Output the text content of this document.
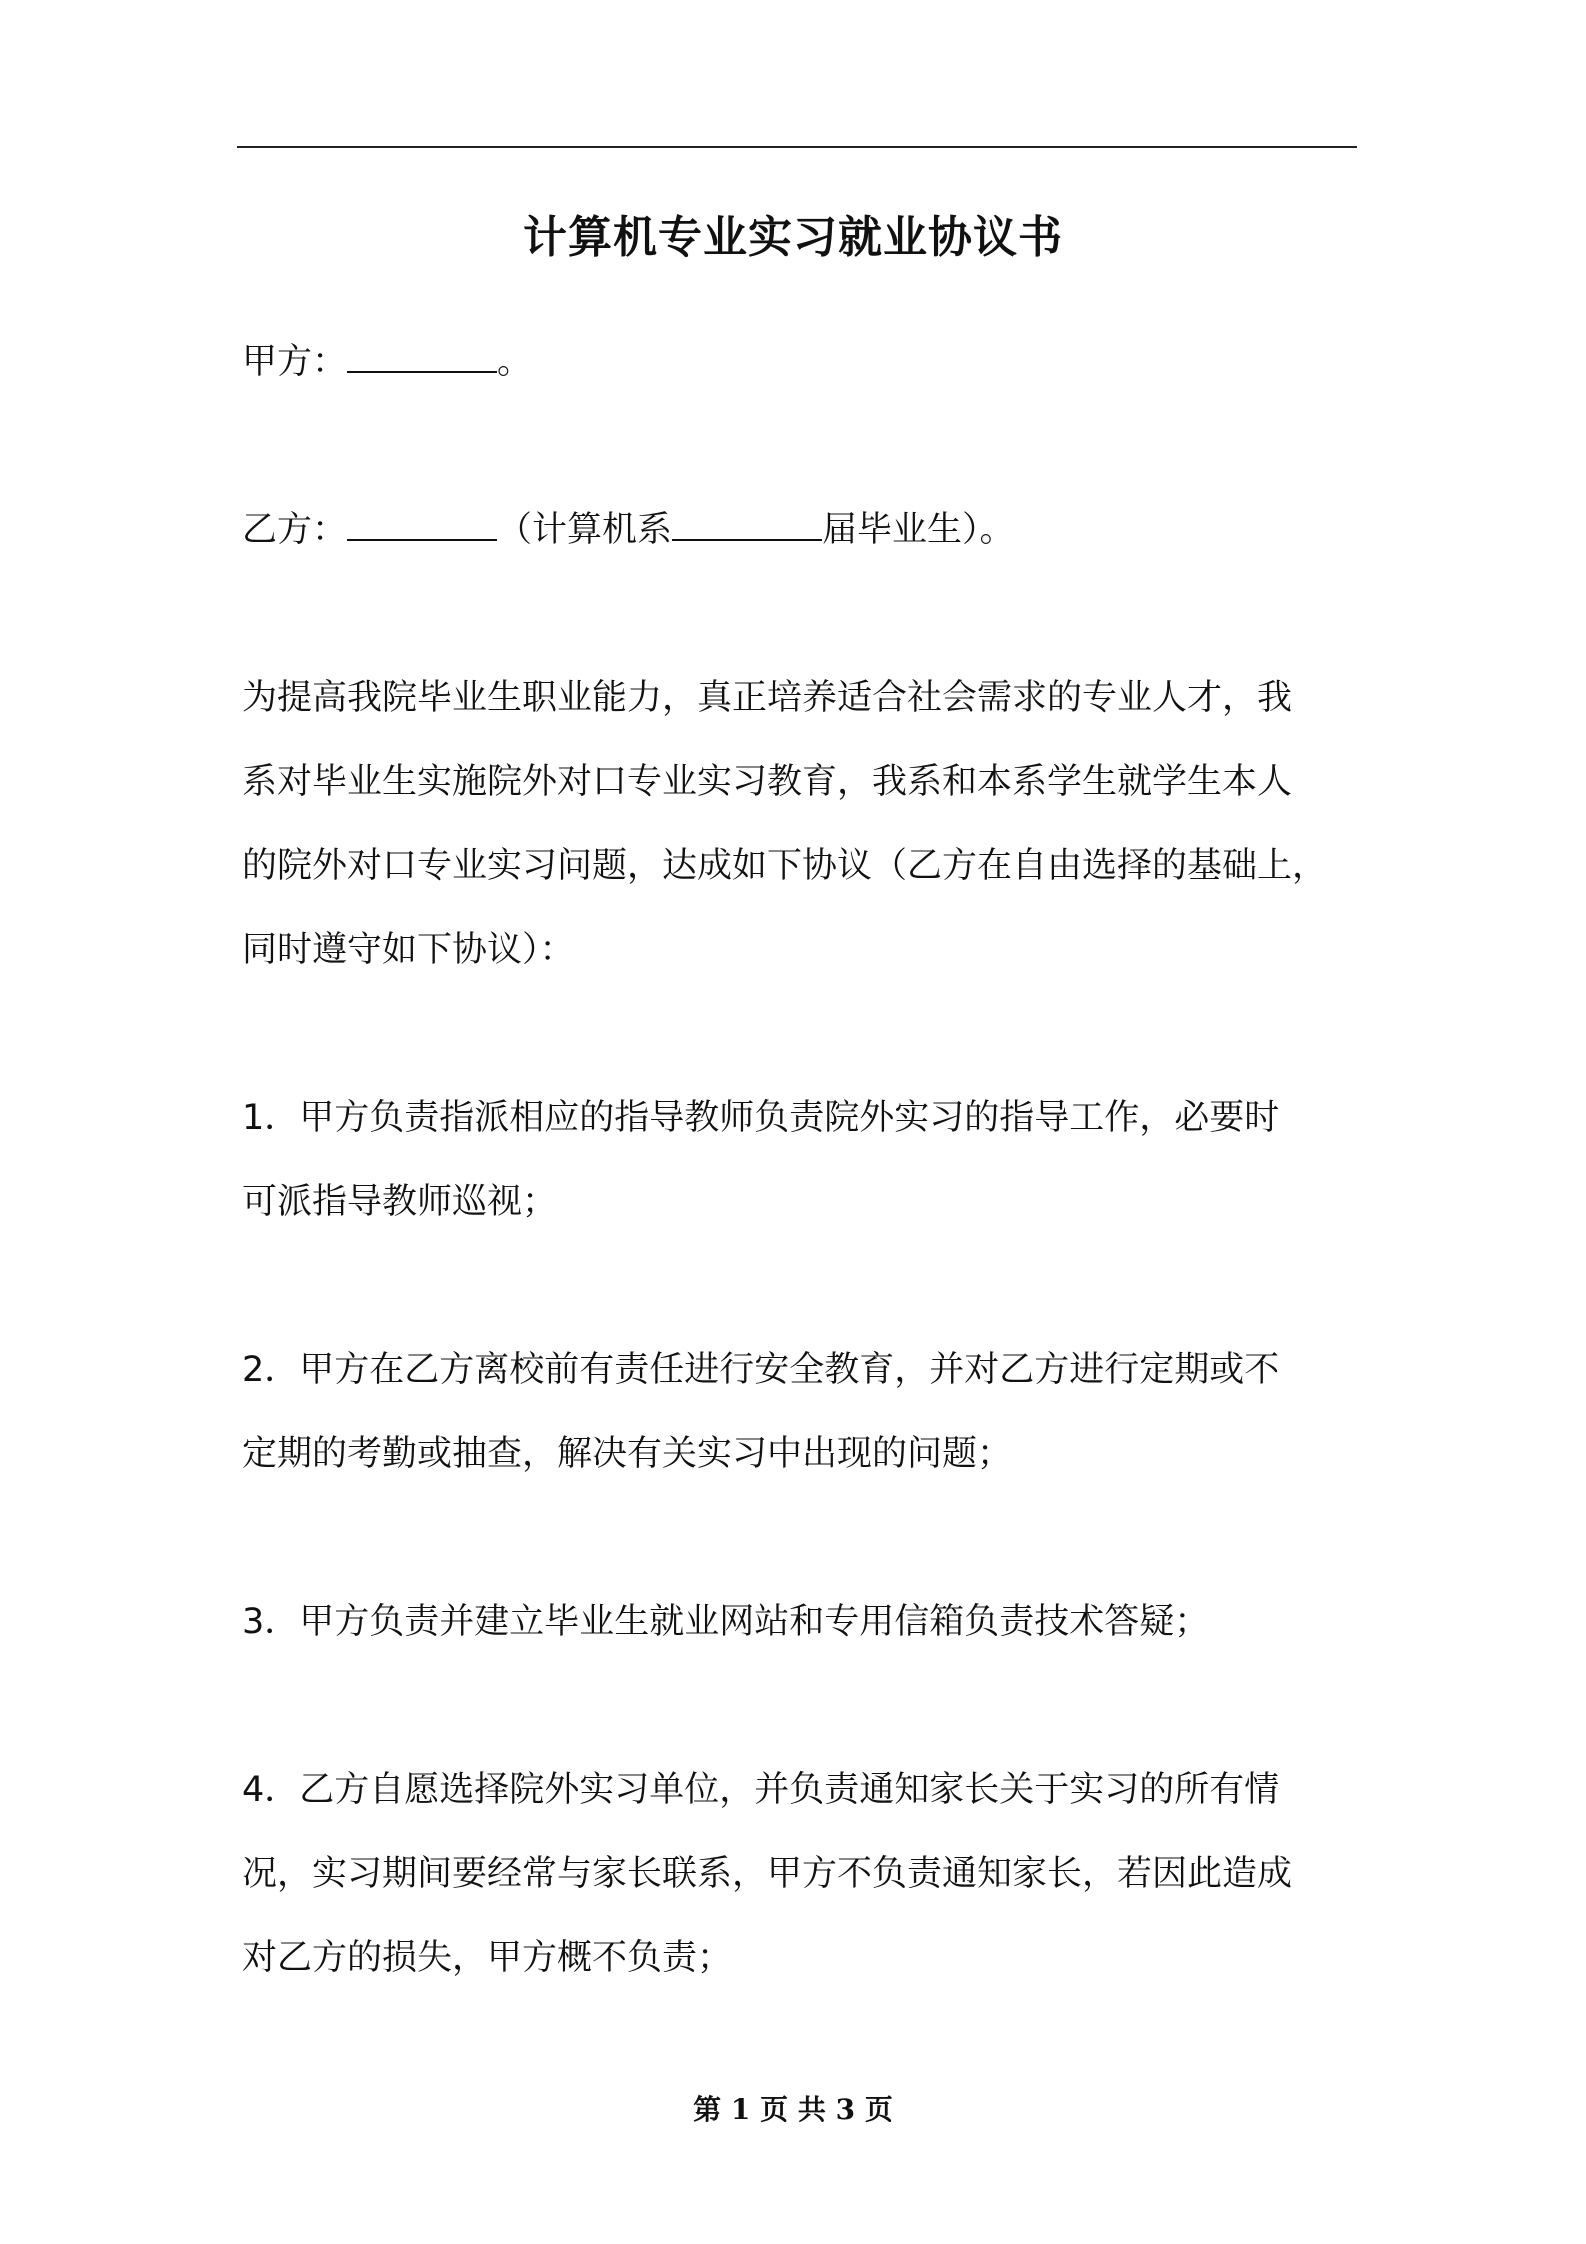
计算机专业实习就业协议书
甲方：	。
乙方：	（计算机系	届毕业生）。
为提高我院毕业生职业能力，真正培养适合社会需求的专业人才，我
系对毕业生实施院外对口专业实习教育，我系和本系学生就学生本人
的院外对口专业实习问题，达成如下协议（乙方在自由选择的基础上，
同时遵守如下协议）：
1．甲方负责指派相应的指导教师负责院外实习的指导工作，必要时
可派指导教师巡视；
2．甲方在乙方离校前有责任进行安全教育，并对乙方进行定期或不
定期的考勤或抽查，解决有关实习中出现的问题；
3．甲方负责并建立毕业生就业网站和专用信箱负责技术答疑；
4．乙方自愿选择院外实习单位，并负责通知家长关于实习的所有情
况，实习期间要经常与家长联系，甲方不负责通知家长，若因此造成
对乙方的损失，甲方概不负责；
第 1 页 共 3 页
